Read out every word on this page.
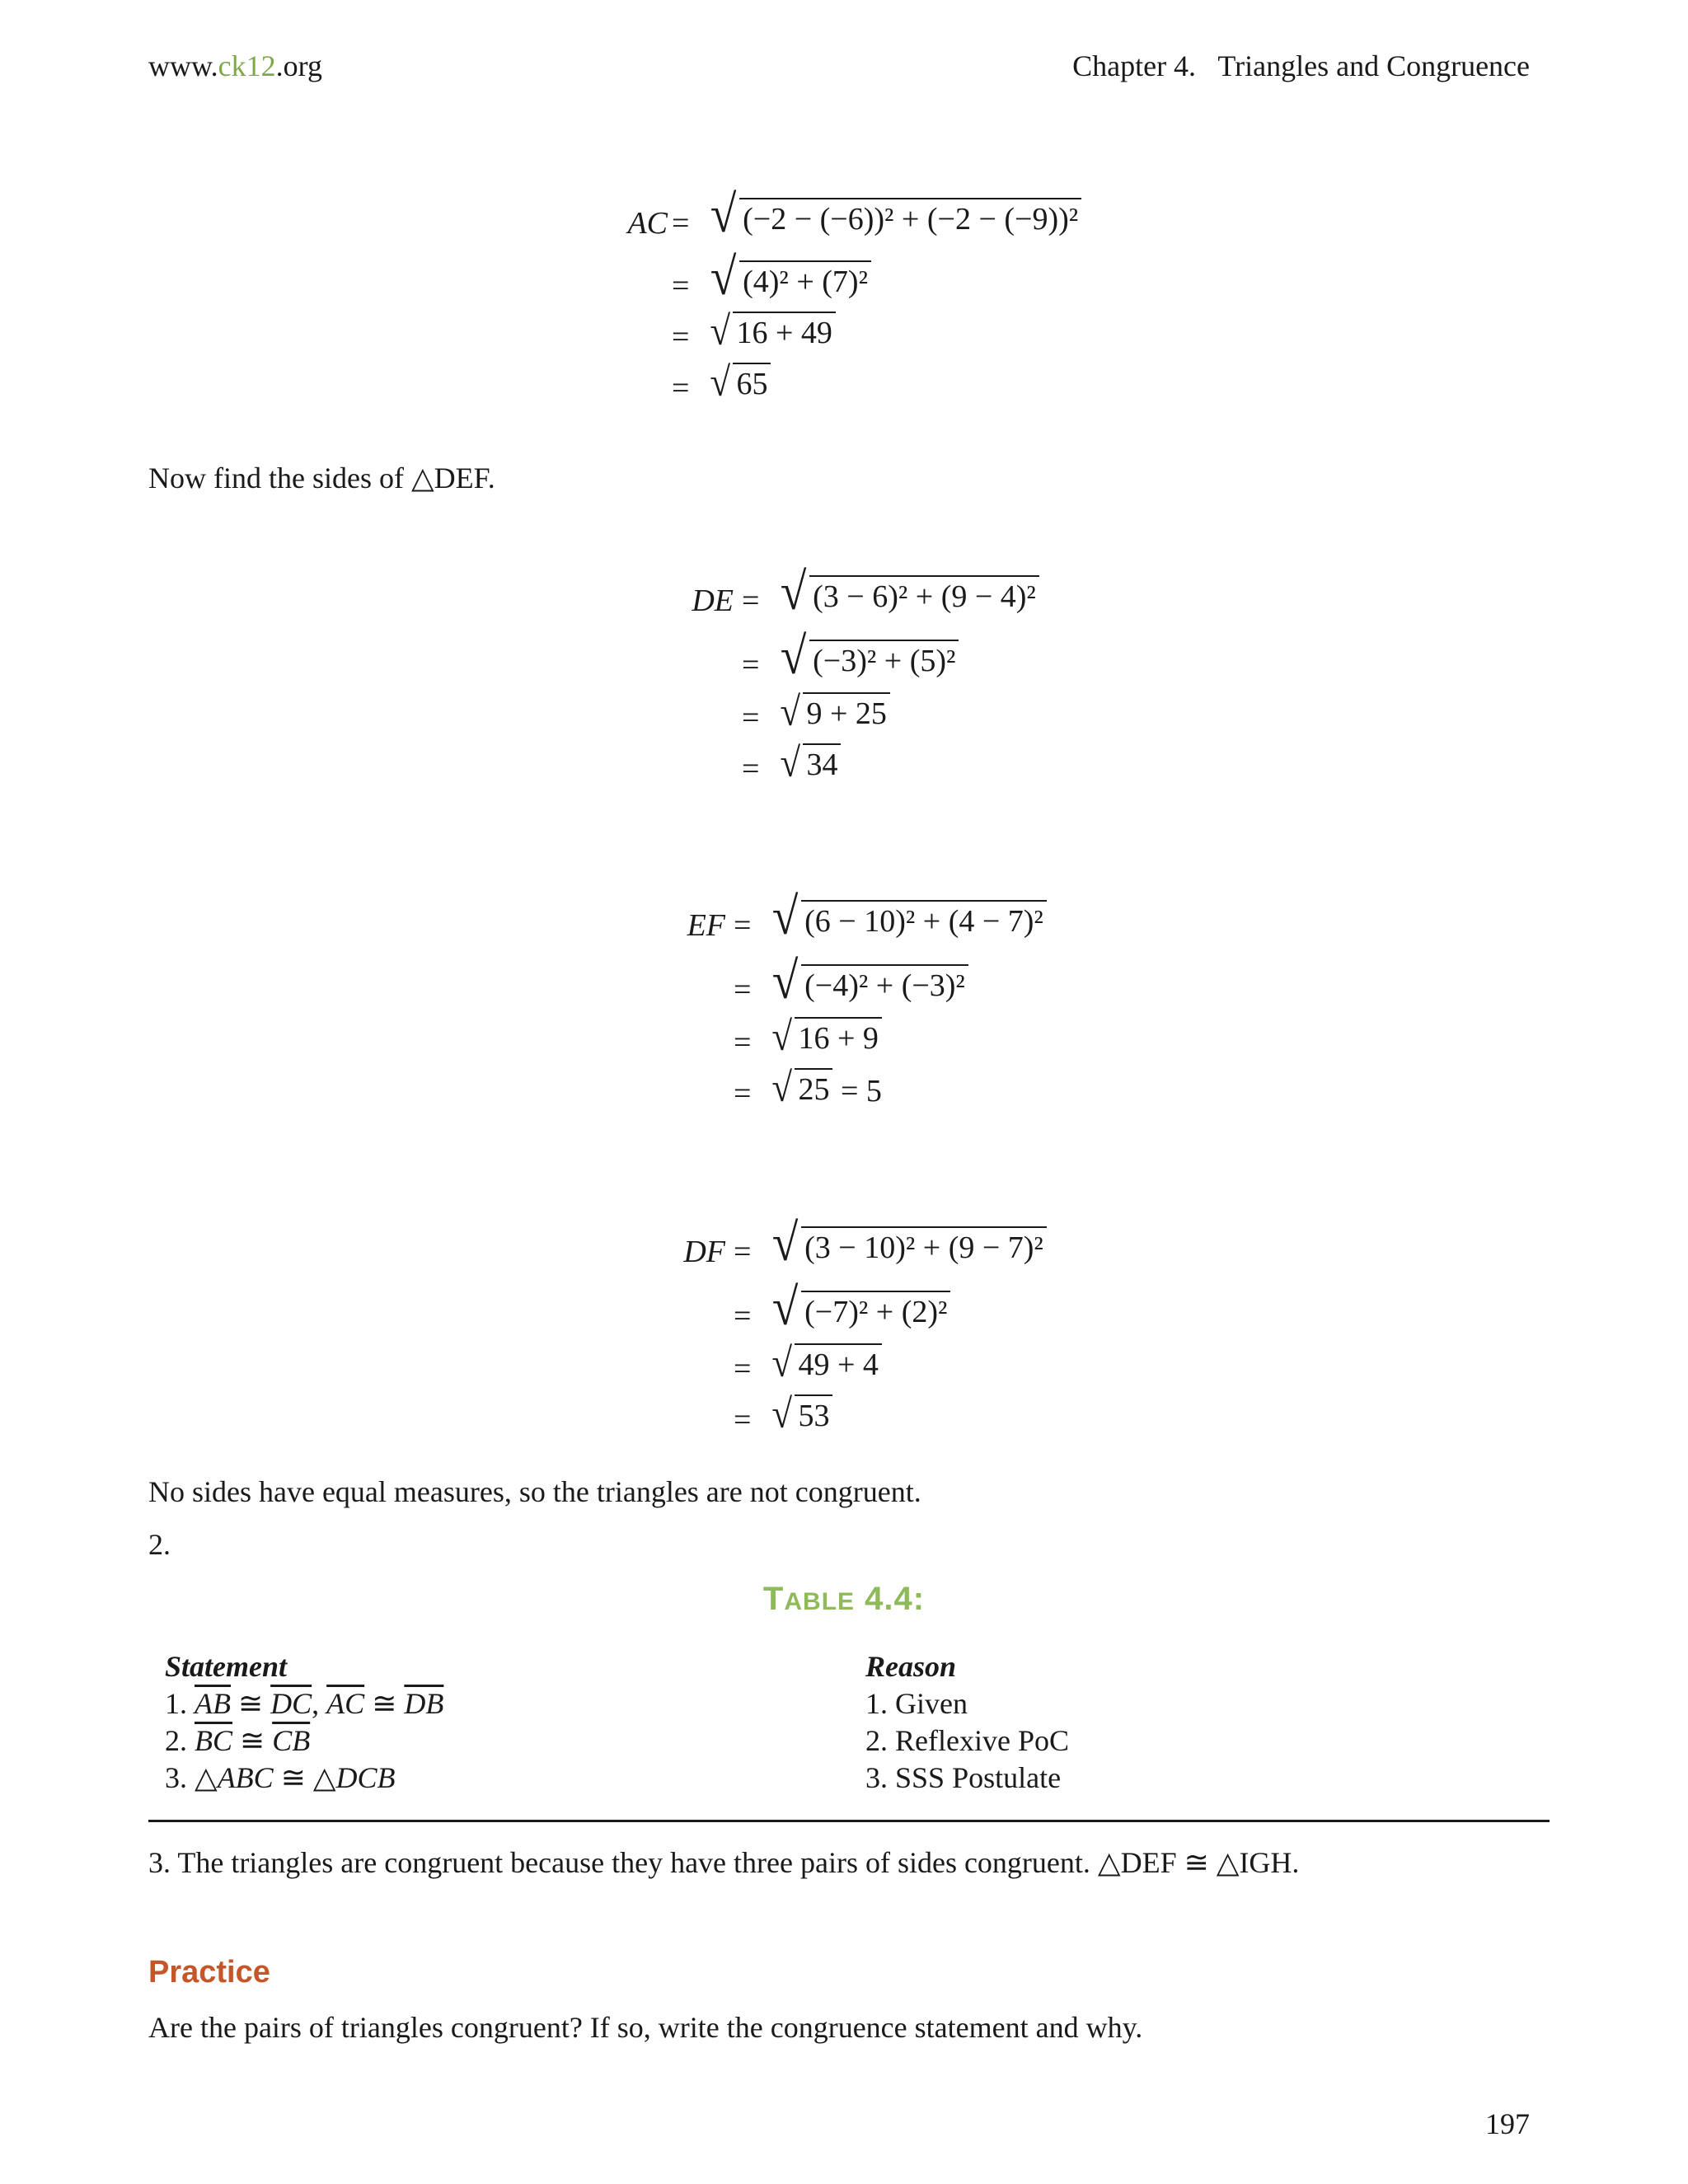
www.ck12.org	Chapter 4.   Triangles and Congruence
AC =
=
=
=
√ (−2 − (−6))² + (−2 − (−9))²
√ (4)² + (7)²
√ 16 + 49
√ 65
Now find the sides of △DEF.
DE =
=
=
=
√ (3 − 6)² + (9 − 4)²
√ (−3)² + (5)²
√ 9 + 25
√ 34
EF =
=
=
=
√ (6 − 10)² + (4 − 7)²
√ (−4)² + (−3)²
√ 16 + 9
√ 25 = 5
DF =
=
=
=
√ (3 − 10)² + (9 − 7)²
√ (−7)² + (2)²
√ 49 + 4
√ 53
No sides have equal measures, so the triangles are not congruent.
2.
TABLE 4.4:
Statement
1. $\overline{AB}$ ≅ $\overline{DC}$, $\overline{AC}$ ≅ $\overline{DB}$
2. $\overline{BC}$ ≅ $\overline{CB}$
3. △ABC ≅ △DCB
Reason
1. Given
2. Reflexive PoC
3. SSS Postulate
3. The triangles are congruent because they have three pairs of sides congruent. △DEF ≅ △IGH.
Practice
Are the pairs of triangles congruent? If so, write the congruence statement and why.
197
